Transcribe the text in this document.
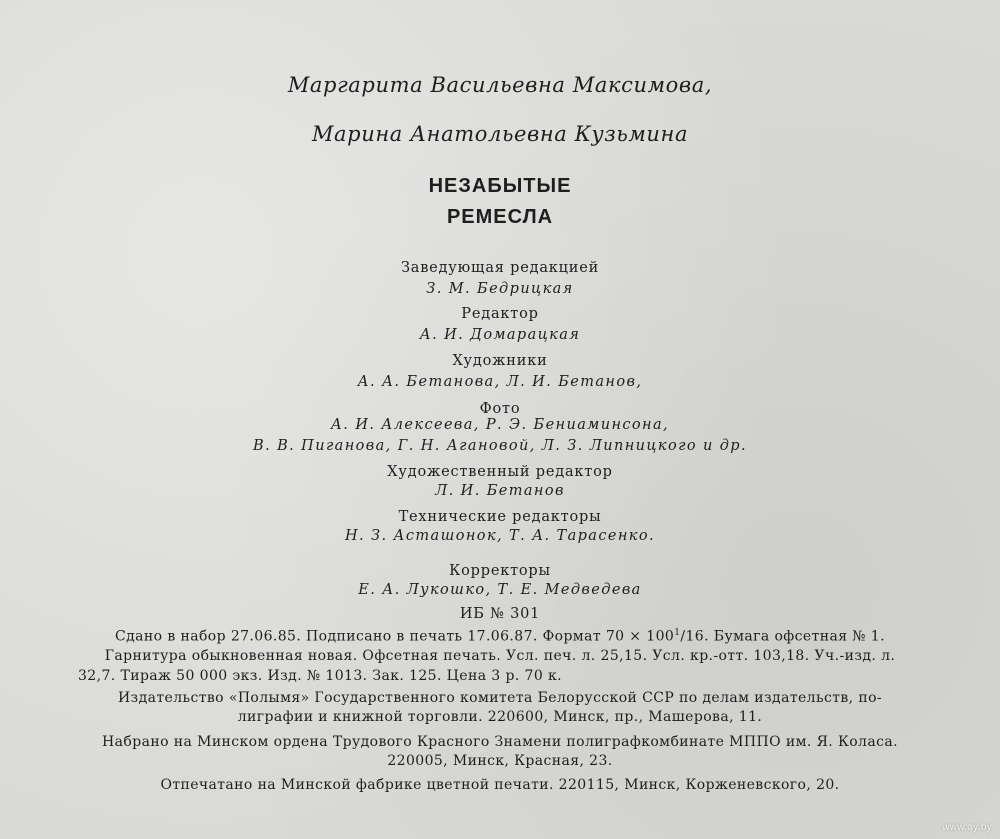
Маргарита Васильевна Максимова,
Марина Анатольевна Кузьмина
НЕЗАБЫТЫЕ
РЕМЕСЛА
Заведующая редакцией
З. М. Бедрицкая
Редактор
А. И. Домарацкая
Художники
А. А. Бетанова, Л. И. Бетанов,
Фото
А. И. Алексеева, Р. Э. Бениаминсона,
В. В. Пиганова, Г. Н. Агановой, Л. З. Липницкого и др.
Художественный редактор
Л. И. Бетанов
Технические редакторы
Н. З. Асташонок, Т. А. Тарасенко.
Корректоры
Е. А. Лукошко, Т. Е. Медведева
ИБ № 301
Сдано в набор 27.06.85. Подписано в печать 17.06.87. Формат $70 \times 100^1/16$. Бумага офсетная № 1.
Гарнитура обыкновенная новая. Офсетная печать. Усл. печ. л. 25,15. Усл. кр.-отт. 103,18. Уч.-изд. л.
32,7. Тираж 50 000 экз. Изд. № 1013. Зак. 125. Цена 3 р. 70 к.
Издательство «Полымя» Государственного комитета Белорусской ССР по делам издательств, по-
лиграфии и книжной торговли. 220600, Минск, пр., Машерова, 11.
Набрано на Минском ордена Трудового Красного Знамени полиграфкомбинате МППО им. Я. Коласа.
220005, Минск, Красная, 23.
Отпечатано на Минской фабрике цветной печати. 220115, Минск, Корженевского, 20.
www.ay.by
